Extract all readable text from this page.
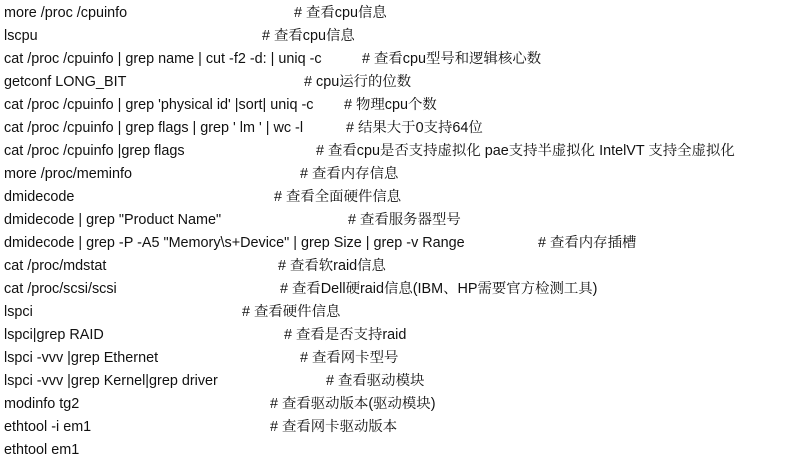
more /proc /cpuinfo	# 查看cpu信息
lscpu	# 查看cpu信息
cat /proc /cpuinfo | grep name | cut -f2 -d: | uniq -c	# 查看cpu型号和逻辑核心数
getconf LONG_BIT	# cpu运行的位数
cat /proc /cpuinfo | grep 'physical id' |sort| uniq -c # 物理cpu个数
cat /proc /cpuinfo | grep flags | grep ' lm ' | wc -l	# 结果大于0支持64位
cat /proc /cpuinfo |grep flags	# 查看cpu是否支持虚拟化 pae支持半虚拟化 IntelVT 支持全虚拟化
more /proc/meminfo	# 查看内存信息
dmidecode	# 查看全面硬件信息
dmidecode | grep "Product Name"	# 查看服务器型号
dmidecode | grep -P -A5 "Memory\s+Device" | grep Size | grep -v Range	# 查看内存插槽
cat /proc/mdstat	# 查看软raid信息
cat /proc/scsi/scsi	# 查看Dell硬raid信息(IBM、HP需要官方检测工具)
lspci	# 查看硬件信息
lspci|grep RAID	# 查看是否支持raid
lspci -vvv |grep Ethernet	# 查看网卡型号
lspci -vvv |grep Kernel|grep driver	# 查看驱动模块
modinfo tg2	# 查看驱动版本(驱动模块)
ethtool -i em1	# 查看网卡驱动版本
ethtool em1
